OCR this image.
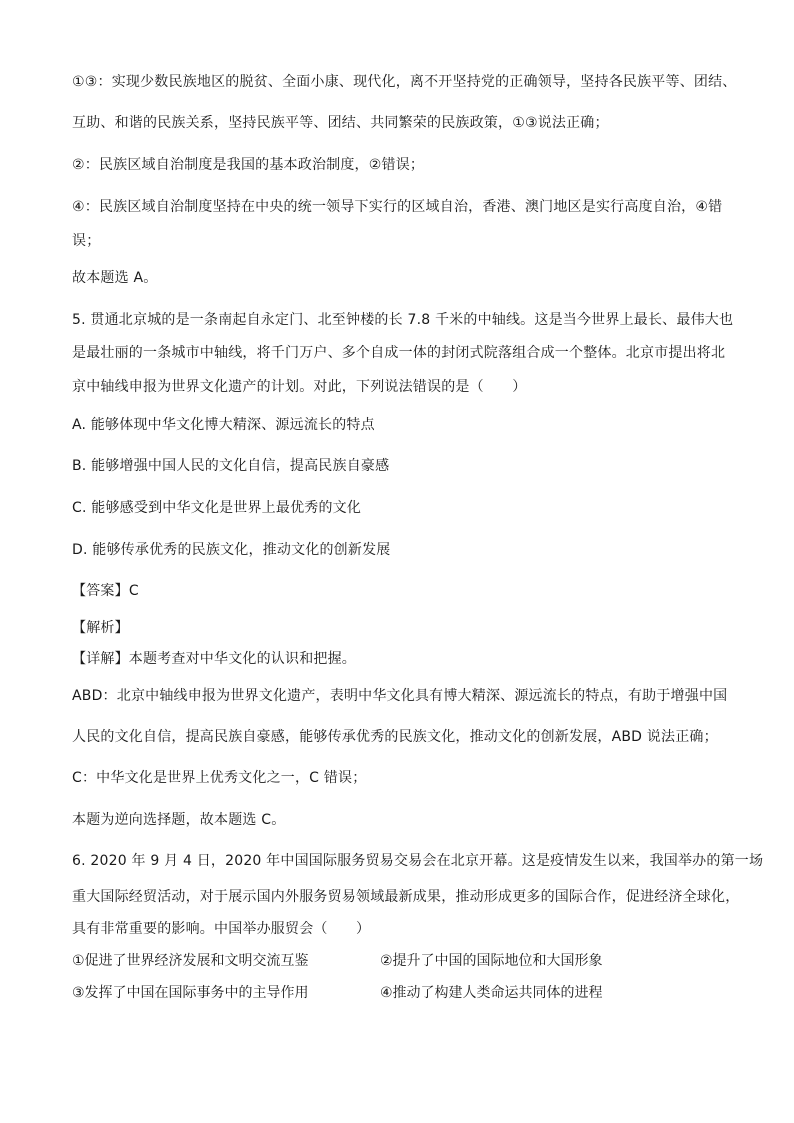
①③：实现少数民族地区的脱贫、全面小康、现代化，离不开坚持党的正确领导，坚持各民族平等、团结、
互助、和谐的民族关系，坚持民族平等、团结、共同繁荣的民族政策，①③说法正确；
②：民族区域自治制度是我国的基本政治制度，②错误；
④：民族区域自治制度坚持在中央的统一领导下实行的区域自治，香港、澳门地区是实行高度自治，④错
误；
故本题选 A。
5. 贯通北京城的是一条南起自永定门、北至钟楼的长 7.8 千米的中轴线。这是当今世界上最长、最伟大也
是最壮丽的一条城市中轴线，将千门万户、多个自成一体的封闭式院落组合成一个整体。北京市提出将北
京中轴线申报为世界文化遗产的计划。对此，下列说法错误的是（　　）
A. 能够体现中华文化博大精深、源远流长的特点
B. 能够增强中国人民的文化自信，提高民族自豪感
C. 能够感受到中华文化是世界上最优秀的文化
D. 能够传承优秀的民族文化，推动文化的创新发展
【答案】C
【解析】
【详解】本题考查对中华文化的认识和把握。
ABD：北京中轴线申报为世界文化遗产，表明中华文化具有博大精深、源远流长的特点，有助于增强中国
人民的文化自信，提高民族自豪感，能够传承优秀的民族文化，推动文化的创新发展，ABD 说法正确；
C：中华文化是世界上优秀文化之一，C 错误；
本题为逆向选择题，故本题选 C。
6. 2020 年 9 月 4 日，2020 年中国国际服务贸易交易会在北京开幕。这是疫情发生以来，我国举办的第一场
重大国际经贸活动，对于展示国内外服务贸易领域最新成果，推动形成更多的国际合作，促进经济全球化，
具有非常重要的影响。中国举办服贸会（　　）
①促进了世界经济发展和文明交流互鉴	②提升了中国的国际地位和大国形象
③发挥了中国在国际事务中的主导作用	④推动了构建人类命运共同体的进程
